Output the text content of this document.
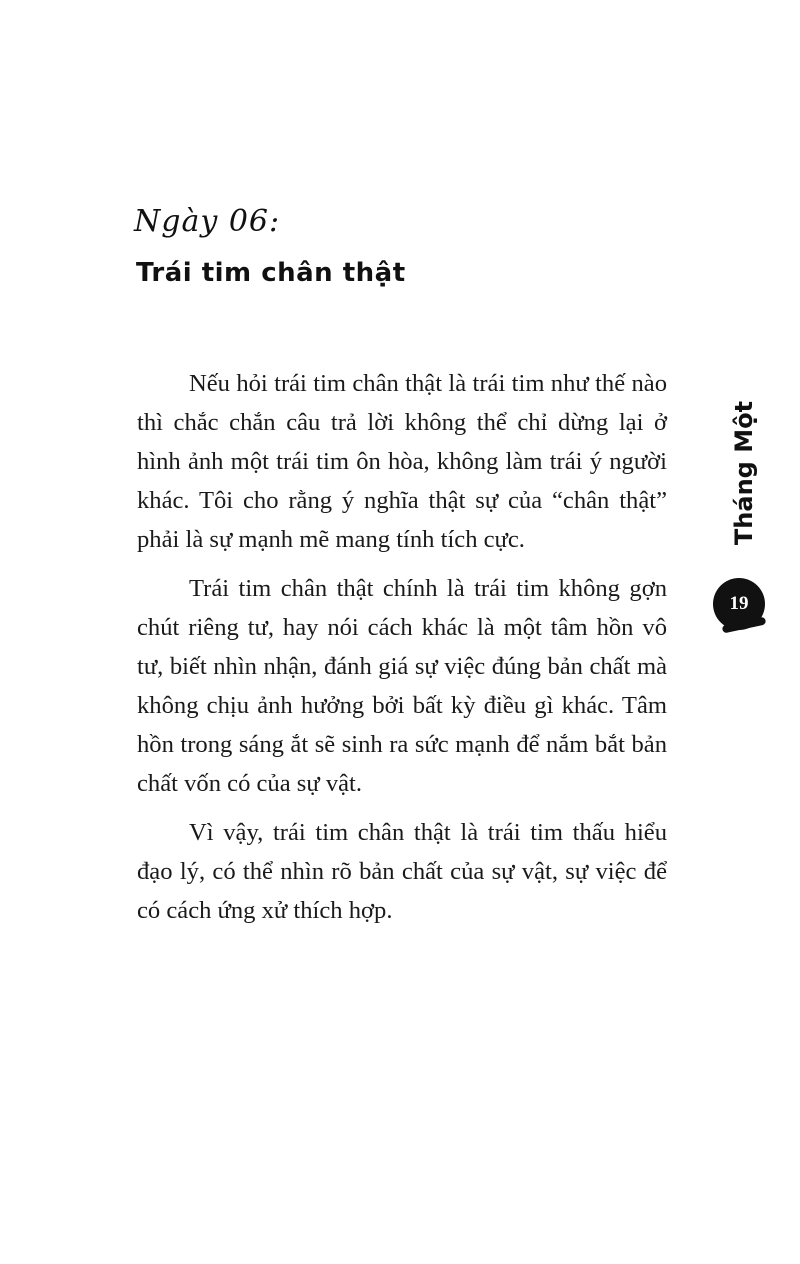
Ngày 06:
Trái tim chân thật

Nếu hỏi trái tim chân thật là trái tim như thế nào thì chắc chắn câu trả lời không thể chỉ dừng lại ở hình ảnh một trái tim ôn hòa, không làm trái ý người khác. Tôi cho rằng ý nghĩa thật sự của “chân thật” phải là sự mạnh mẽ mang tính tích cực.

Trái tim chân thật chính là trái tim không gợn chút riêng tư, hay nói cách khác là một tâm hồn vô tư, biết nhìn nhận, đánh giá sự việc đúng bản chất mà không chịu ảnh hưởng bởi bất kỳ điều gì khác. Tâm hồn trong sáng ắt sẽ sinh ra sức mạnh để nắm bắt bản chất vốn có của sự vật.

Vì vậy, trái tim chân thật là trái tim thấu hiểu đạo lý, có thể nhìn rõ bản chất của sự vật, sự việc để có cách ứng xử thích hợp.

Tháng Một
19
